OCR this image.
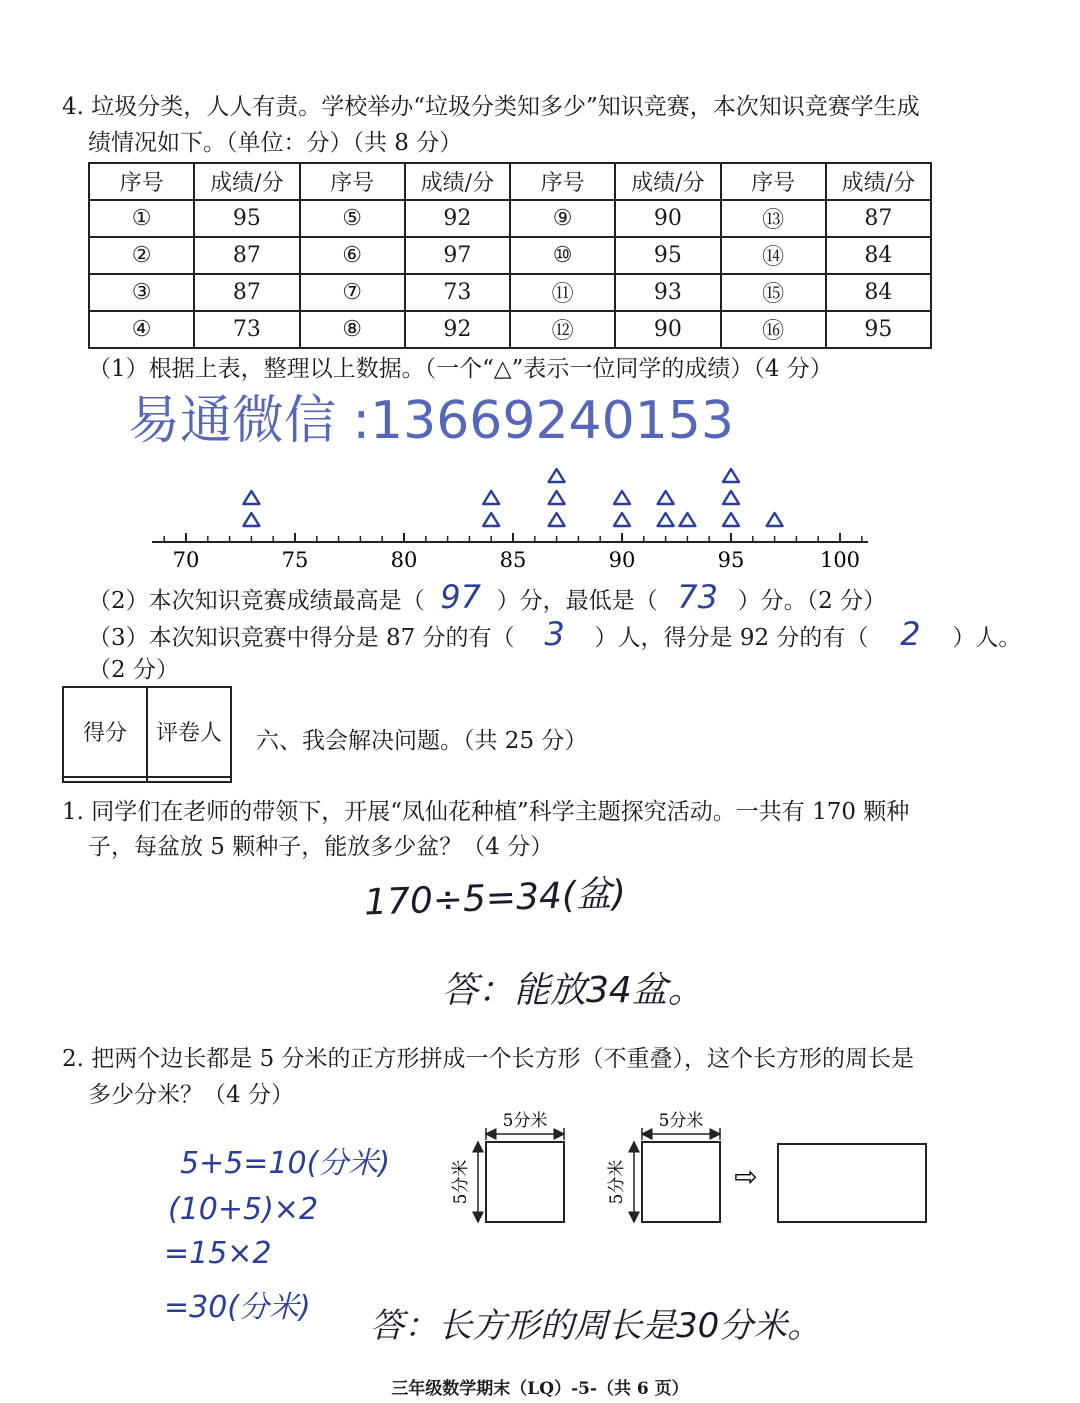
4. 垃圾分类，人人有责。学校举办“垃圾分类知多少”知识竞赛，本次知识竞赛学生成
绩情况如下。（单位：分）（共 8 分）
序号	成绩/分	序号	成绩/分	序号	成绩/分	序号	成绩/分
①	95	⑤	92	⑨	90	⑬	87
②	87	⑥	97	⑩	95	⑭	84
③	87	⑦	73	⑪	93	⑮	84
④	73	⑧	92	⑫	90	⑯	95
（1）根据上表，整理以上数据。（一个“△”表示一位同学的成绩）（4 分）
易通微信 :13669240153
70	75	80	85	90	95	100
（2）本次知识竞赛成绩最高是（ 97 ）分，最低是（ 73 ）分。（2 分）
（3）本次知识竞赛中得分是 87 分的有（ 3 ）人，得分是 92 分的有（ 2 ）人。
（2 分）
得分	评卷人
	六、我会解决问题。（共 25 分）
1. 同学们在老师的带领下，开展“凤仙花种植”科学主题探究活动。一共有 170 颗种
子，每盆放 5 颗种子，能放多少盆？（4 分）
170÷5=34(盆)
答：能放34盆。
2. 把两个边长都是 5 分米的正方形拼成一个长方形（不重叠），这个长方形的周长是
多少分米？（4 分）
5+5=10(分米)
(10+5)×2
=15×2
=30(分米)
5分米
5分米
5分米
5分米	⇨
答：长方形的周长是30分米。
三年级数学期末（LQ）-5-（共 6 页）
